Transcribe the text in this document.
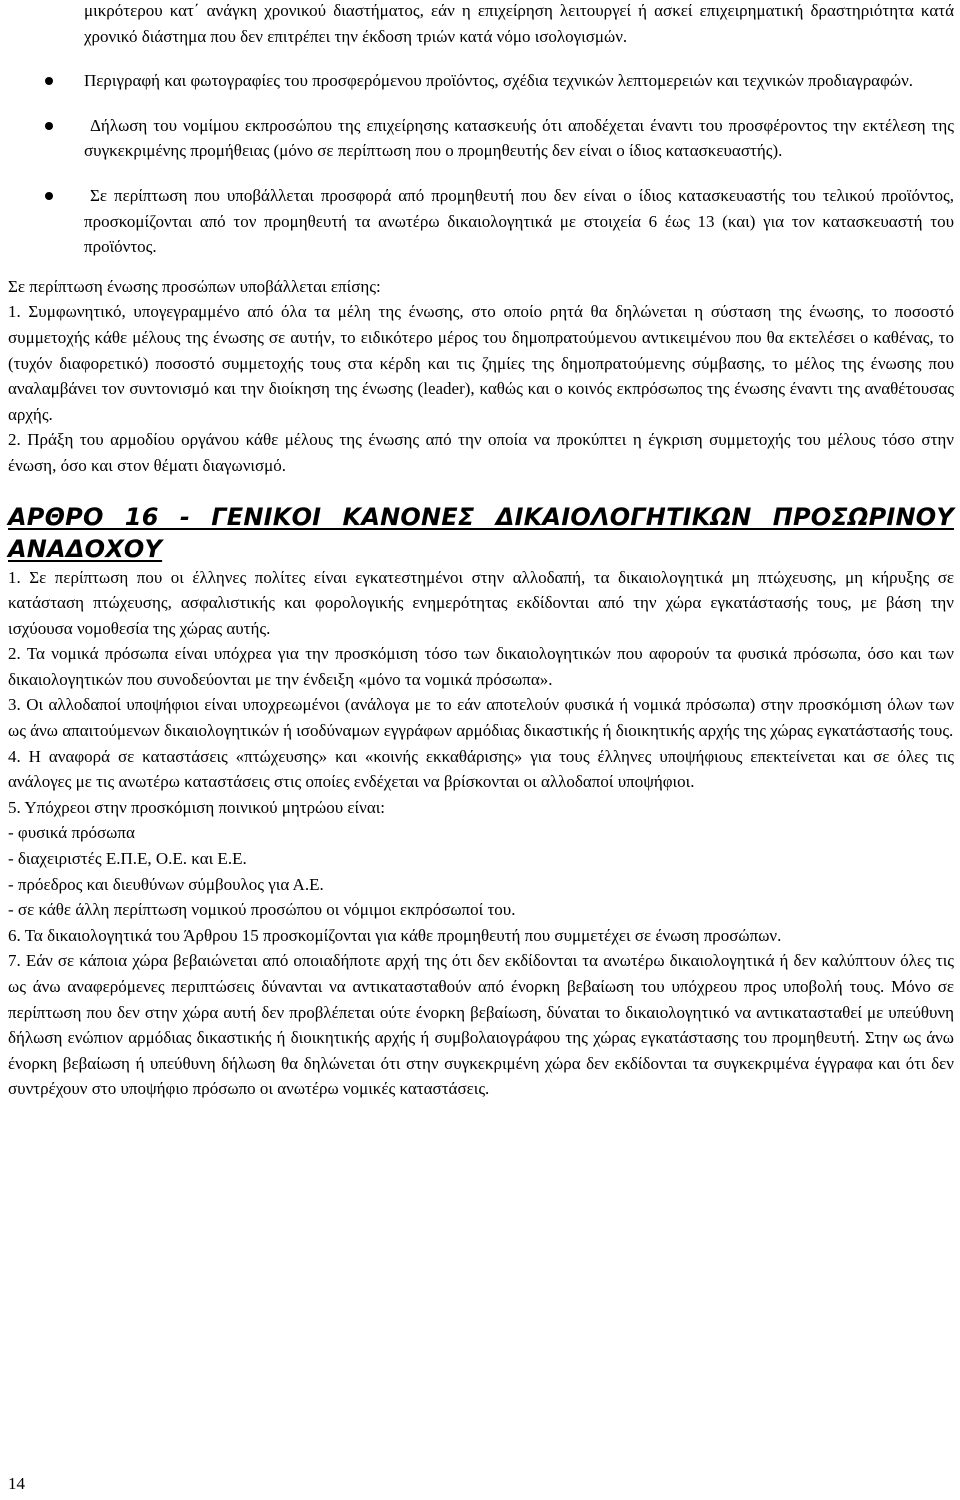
μικρότερου κατ΄ ανάγκη χρονικού διαστήματος, εάν η επιχείρηση λειτουργεί ή ασκεί επιχειρηματική δραστηριότητα κατά χρονικό διάστημα που δεν επιτρέπει την έκδοση τριών κατά νόμο ισολογισμών.

Περιγραφή και φωτογραφίες του προσφερόμενου προϊόντος, σχέδια τεχνικών λεπτομερειών και τεχνικών προδιαγραφών.
Δήλωση του νομίμου εκπροσώπου της επιχείρησης κατασκευής ότι αποδέχεται έναντι του προσφέροντος την εκτέλεση της συγκεκριμένης προμήθειας (μόνο σε περίπτωση που ο προμηθευτής δεν είναι ο ίδιος κατασκευαστής).
Σε περίπτωση που υποβάλλεται προσφορά από προμηθευτή που δεν είναι ο ίδιος κατασκευαστής του τελικού προϊόντος, προσκομίζονται από τον προμηθευτή τα ανωτέρω δικαιολογητικά με στοιχεία 6 έως 13 (και) για τον κατασκευαστή του προϊόντος.

Σε περίπτωση ένωσης προσώπων υποβάλλεται επίσης:

1. Συμφωνητικό, υπογεγραμμένο από όλα τα μέλη της ένωσης, στο οποίο ρητά θα δηλώνεται η σύσταση της ένωσης, το ποσοστό συμμετοχής κάθε μέλους της ένωσης σε αυτήν, το ειδικότερο μέρος του δημοπρατούμενου αντικειμένου που θα εκτελέσει ο καθένας, το (τυχόν διαφορετικό) ποσοστό συμμετοχής τους στα κέρδη και τις ζημίες της δημοπρατούμενης σύμβασης, το μέλος της ένωσης που αναλαμβάνει τον συντονισμό και την διοίκηση της ένωσης (leader), καθώς και ο κοινός εκπρόσωπος της ένωσης έναντι της αναθέτουσας αρχής.

2. Πράξη του αρμοδίου οργάνου κάθε μέλους της ένωσης από την οποία να προκύπτει η έγκριση συμμετοχής του μέλους τόσο στην ένωση, όσο και στον θέματι διαγωνισμό.

ΑΡΘΡΟ 16 - ΓΕΝΙΚΟΙ ΚΑΝΟΝΕΣ ΔΙΚΑΙΟΛΟΓΗΤΙΚΩΝ ΠΡΟΣΩΡΙΝΟΥ ΑΝΑΔΟΧΟΥ

1. Σε περίπτωση που οι έλληνες πολίτες είναι εγκατεστημένοι στην αλλοδαπή, τα δικαιολογητικά μη πτώχευσης, μη κήρυξης σε κατάσταση πτώχευσης, ασφαλιστικής και φορολογικής ενημερότητας εκδίδονται από την χώρα εγκατάστασής τους, με βάση την ισχύουσα νομοθεσία της χώρας αυτής.

2. Τα νομικά πρόσωπα είναι υπόχρεα για την προσκόμιση τόσο των δικαιολογητικών που αφορούν τα φυσικά πρόσωπα, όσο και των δικαιολογητικών που συνοδεύονται με την ένδειξη «μόνο τα νομικά πρόσωπα».

3. Οι αλλοδαποί υποψήφιοι είναι υποχρεωμένοι (ανάλογα με το εάν αποτελούν φυσικά ή νομικά πρόσωπα) στην προσκόμιση όλων των ως άνω απαιτούμενων δικαιολογητικών ή ισοδύναμων εγγράφων αρμόδιας δικαστικής ή διοικητικής αρχής της χώρας εγκατάστασής τους.

4. Η αναφορά σε καταστάσεις «πτώχευσης» και «κοινής εκκαθάρισης» για τους έλληνες υποψήφιους επεκτείνεται και σε όλες τις ανάλογες με τις ανωτέρω καταστάσεις στις οποίες ενδέχεται να βρίσκονται οι αλλοδαποί υποψήφιοι.

5. Υπόχρεοι στην προσκόμιση ποινικού μητρώου είναι:

- φυσικά πρόσωπα

- διαχειριστές Ε.Π.Ε, Ο.Ε. και Ε.Ε.

- πρόεδρος και διευθύνων σύμβουλος για Α.Ε.

- σε κάθε άλλη περίπτωση νομικού προσώπου οι νόμιμοι εκπρόσωποί του.

6. Τα δικαιολογητικά του Άρθρου 15 προσκομίζονται για κάθε προμηθευτή που συμμετέχει σε ένωση προσώπων.

7. Εάν σε κάποια χώρα βεβαιώνεται από οποιαδήποτε αρχή της ότι δεν εκδίδονται τα ανωτέρω δικαιολογητικά ή δεν καλύπτουν όλες τις ως άνω αναφερόμενες περιπτώσεις δύνανται να αντικατασταθούν από ένορκη βεβαίωση του υπόχρεου προς υποβολή τους. Μόνο σε περίπτωση που δεν στην χώρα αυτή δεν προβλέπεται ούτε ένορκη βεβαίωση, δύναται το δικαιολογητικό να αντικατασταθεί με υπεύθυνη δήλωση ενώπιον αρμόδιας δικαστικής ή διοικητικής αρχής ή συμβολαιογράφου της χώρας εγκατάστασης του προμηθευτή. Στην ως άνω ένορκη βεβαίωση ή υπεύθυνη δήλωση θα δηλώνεται ότι στην συγκεκριμένη χώρα δεν εκδίδονται τα συγκεκριμένα έγγραφα και ότι δεν συντρέχουν στο υποψήφιο πρόσωπο οι ανωτέρω νομικές καταστάσεις.

14
